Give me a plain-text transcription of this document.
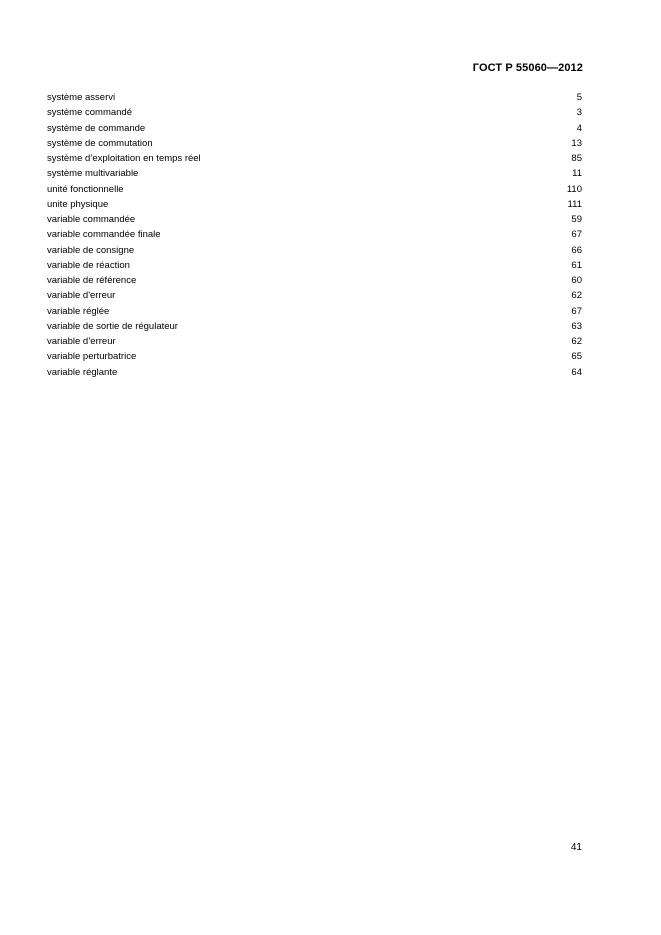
ГОСТ Р 55060—2012
système asservi	5
système commandé	3
système de commande	4
système de commutation	13
système d’exploitation en temps réel	85
système multivariable	11
unité fonctionnelle	110
unite physique	111
variable commandée	59
variable commandée finale	67
variable de consigne	66
variable de réaction	61
variable de référence	60
variable d'erreur	62
variable réglée	67
variable de sortie de régulateur	63
variable d’erreur	62
variable perturbatrice	65
variable réglante	64
41
